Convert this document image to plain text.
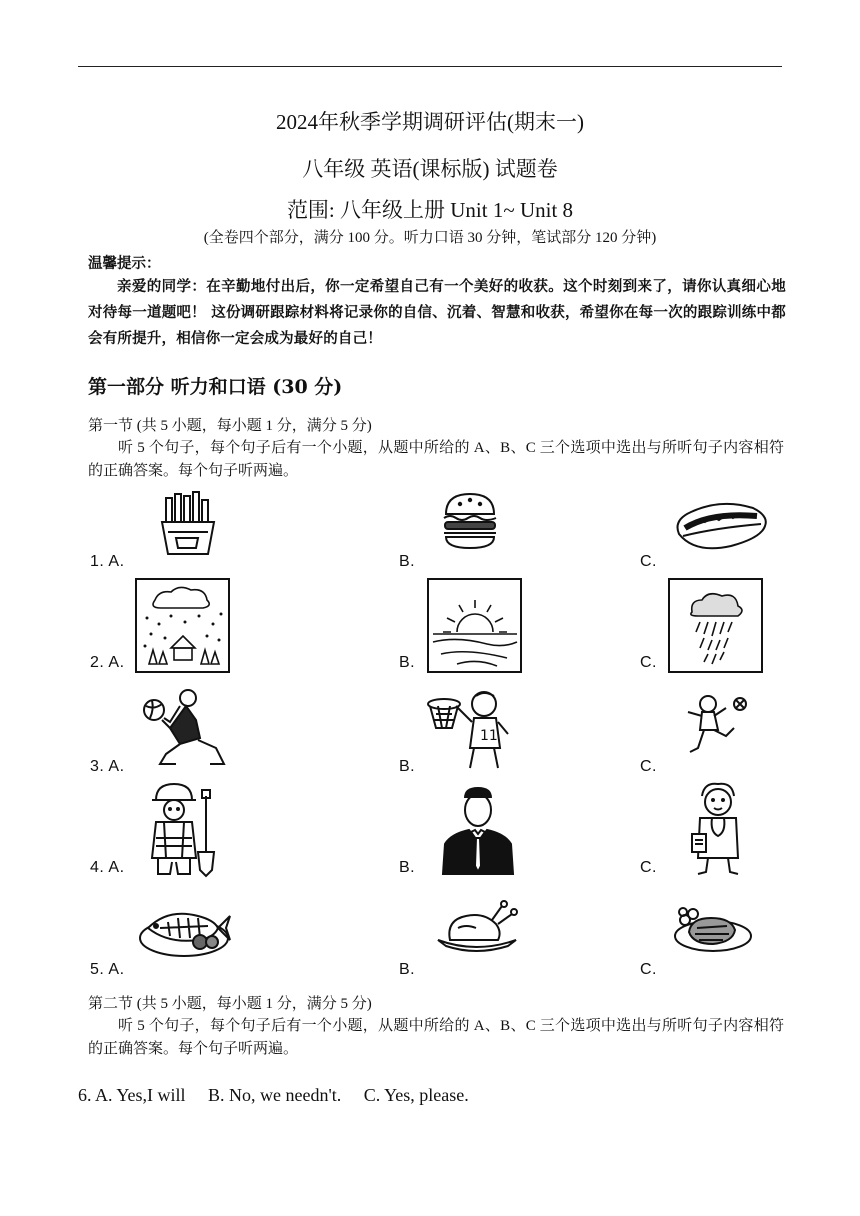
2024年秋季学期调研评估(期末一)
八年级 英语(课标版) 试题卷
范围: 八年级上册 Unit 1~ Unit 8
(全卷四个部分，满分 100 分。听力口语 30 分钟，笔试部分 120 分钟)
温馨提示：
亲爱的同学：在辛勤地付出后，你一定希望自己有一个美好的收获。这个时刻到来了，请你认真细心地对待每一道题吧！ 这份调研跟踪材料将记录你的自信、沉着、智慧和收获，希望你在每一次的跟踪训练中都会有所提升，相信你一定会成为最好的自己！
第一部分 听力和口语 (30 分)
第一节 (共 5 小题，每小题 1 分，满分 5 分)
听 5 个句子，每个句子后有一个小题，从题中所给的 A、B、C 三个选项中选出与所听句子内容相符的正确答案。每个句子听两遍。
1. A.	B.	C.
2. A.	B.	C.
3. A.	B.	C.
4. A.	B.	C.
5. A.	B.	C.
11
第二节 (共 5 小题，每小题 1 分，满分 5 分)
听 5 个句子，每个句子后有一个小题，从题中所给的 A、B、C 三个选项中选出与所听句子内容相符的正确答案。每个句子听两遍。
6. A. Yes,I will     B. No, we needn't.     C. Yes, please.
